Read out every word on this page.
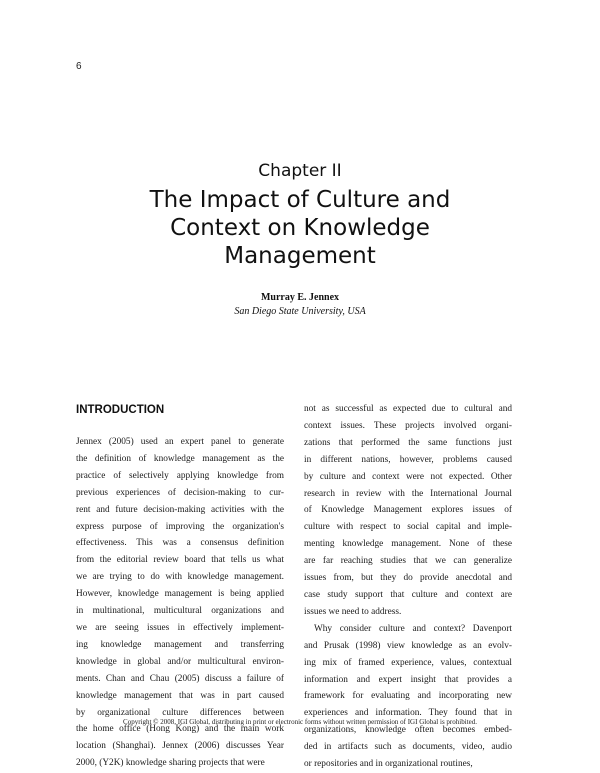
6
Chapter II
The Impact of Culture and
Context on Knowledge
Management
Murray E. Jennex
San Diego State University, USA
INTRODUCTION
Jennex (2005) used an expert panel to generate
the definition of knowledge management as the
practice of selectively applying knowledge from
previous experiences of decision-making to cur-
rent and future decision-making activities with the
express purpose of improving the organization's
effectiveness. This was a consensus definition
from the editorial review board that tells us what
we are trying to do with knowledge management.
However, knowledge management is being applied
in multinational, multicultural organizations and
we are seeing issues in effectively implement-
ing knowledge management and transferring
knowledge in global and/or multicultural environ-
ments. Chan and Chau (2005) discuss a failure of
knowledge management that was in part caused
by organizational culture differences between
the home office (Hong Kong) and the main work
location (Shanghai). Jennex (2006) discusses Year
2000, (Y2K) knowledge sharing projects that were
not as successful as expected due to cultural and
context issues. These projects involved organi-
zations that performed the same functions just
in different nations, however, problems caused
by culture and context were not expected. Other
research in review with the International Journal
of Knowledge Management explores issues of
culture with respect to social capital and imple-
menting knowledge management. None of these
are far reaching studies that we can generalize
issues from, but they do provide anecdotal and
case study support that culture and context are
issues we need to address.
Why consider culture and context? Davenport
and Prusak (1998) view knowledge as an evolv-
ing mix of framed experience, values, contextual
information and expert insight that provides a
framework for evaluating and incorporating new
experiences and information. They found that in
organizations, knowledge often becomes embed-
ded in artifacts such as documents, video, audio
or repositories and in organizational routines,
Copyright © 2008, IGI Global, distributing in print or electronic forms without written permission of IGI Global is prohibited.
